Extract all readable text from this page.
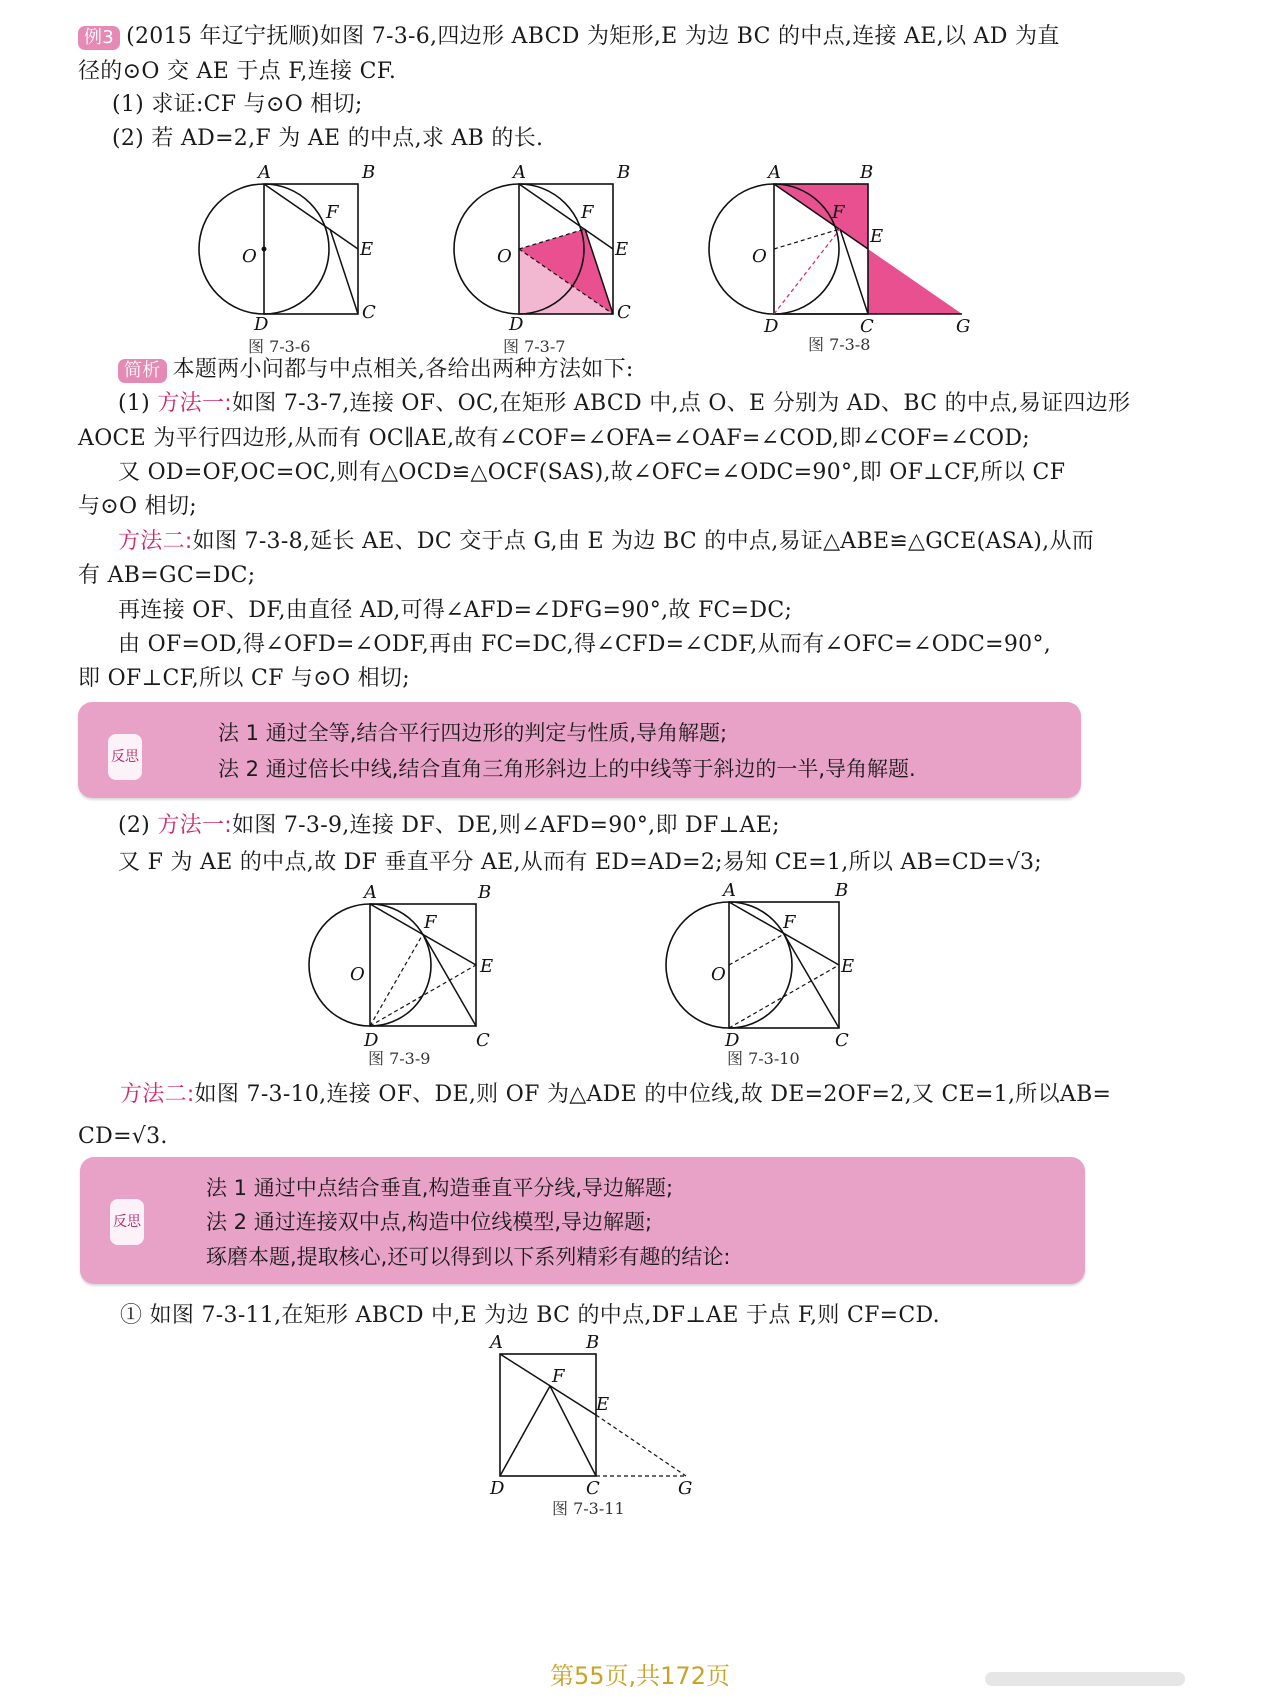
例3 (2015 年辽宁抚顺)如图 7-3-6,四边形 ABCD 为矩形,E 为边 BC 的中点,连接 AE,以 AD 为直
径的⊙O 交 AE 于点 F,连接 CF.
(1) 求证:CF 与⊙O 相切;
(2) 若 AD=2,F 为 AE 的中点,求 AB 的长.
A	B
C
D
E
F
O
图 7-3-6
A	B
C
D
E
F
O
图 7-3-7
A	B
C
D
E
F
O
G
图 7-3-8
简析 本题两小问都与中点相关,各给出两种方法如下:
(1) 方法一:如图 7-3-7,连接 OF、OC,在矩形 ABCD 中,点 O、E 分别为 AD、BC 的中点,易证四边形
AOCE 为平行四边形,从而有 OC∥AE,故有∠COF=∠OFA=∠OAF=∠COD,即∠COF=∠COD;
又 OD=OF,OC=OC,则有△OCD≌△OCF(SAS),故∠OFC=∠ODC=90°,即 OF⊥CF,所以 CF
与⊙O 相切;
方法二:如图 7-3-8,延长 AE、DC 交于点 G,由 E 为边 BC 的中点,易证△ABE≌△GCE(ASA),从而
有 AB=GC=DC;
再连接 OF、DF,由直径 AD,可得∠AFD=∠DFG=90°,故 FC=DC;
由 OF=OD,得∠OFD=∠ODF,再由 FC=DC,得∠CFD=∠CDF,从而有∠OFC=∠ODC=90°,
即 OF⊥CF,所以 CF 与⊙O 相切;
反思
法 1 通过全等,结合平行四边形的判定与性质,导角解题;
法 2 通过倍长中线,结合直角三角形斜边上的中线等于斜边的一半,导角解题.
(2) 方法一:如图 7-3-9,连接 DF、DE,则∠AFD=90°,即 DF⊥AE;
又 F 为 AE 的中点,故 DF 垂直平分 AE,从而有 ED=AD=2;易知 CE=1,所以 AB=CD=√3;
A	B
C
D
E
F
O
图 7-3-9
A	B
C
D
E
F
O
图 7-3-10
方法二:如图 7-3-10,连接 OF、DE,则 OF 为△ADE 的中位线,故 DE=2OF=2,又 CE=1,所以AB=
CD=√3.
反思
法 1 通过中点结合垂直,构造垂直平分线,导边解题;
法 2 通过连接双中点,构造中位线模型,导边解题;
琢磨本题,提取核心,还可以得到以下系列精彩有趣的结论:
① 如图 7-3-11,在矩形 ABCD 中,E 为边 BC 的中点,DF⊥AE 于点 F,则 CF=CD.
A	B
C
D
E
F
G
图 7-3-11
第55页,共172页
